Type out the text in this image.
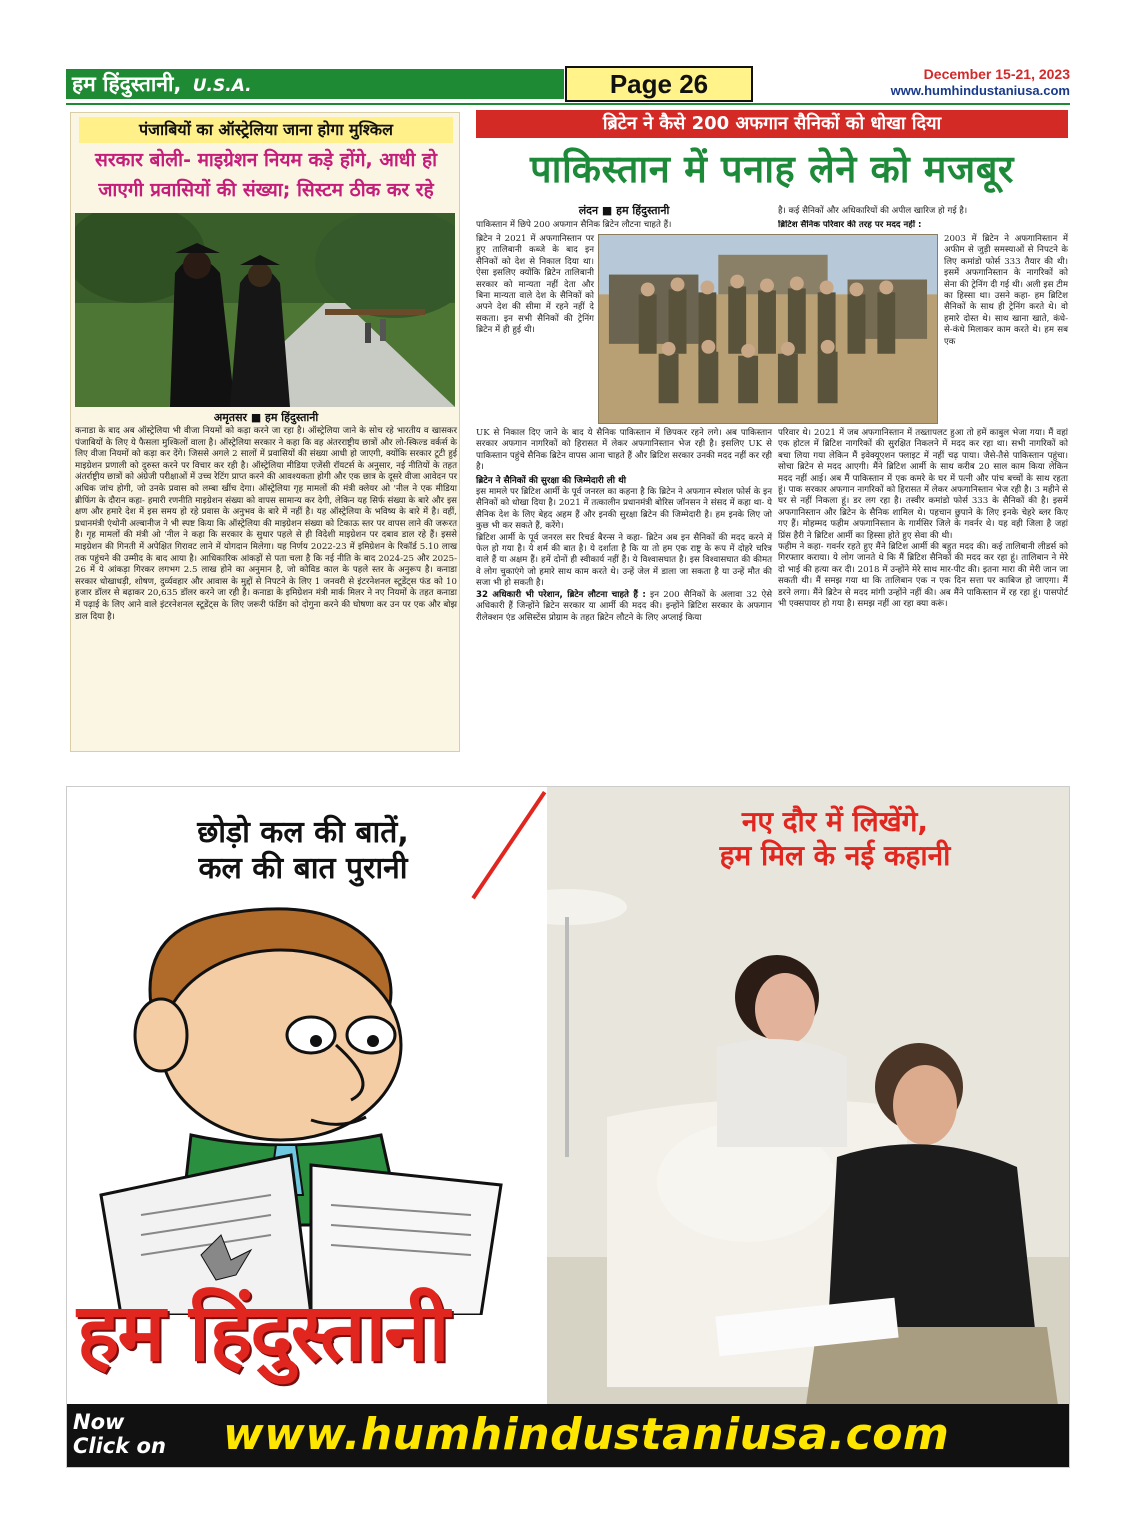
हम हिंदुस्तानी, U.S.A.	Page 26	December 15-21, 2023
www.humhindustaniusa.com
पंजाबियों का ऑस्ट्रेलिया जाना होगा मुश्किल
सरकार बोली- माइग्रेशन नियम कड़े होंगे, आधी हो
जाएगी प्रवासियों की संख्या; सिस्टम ठीक कर रहे
अमृतसर ■ हम हिंदुस्तानी
कनाडा के बाद अब ऑस्ट्रेलिया भी वीजा नियमों को कड़ा करने जा रहा है। ऑस्ट्रेलिया जाने के सोच रहे भारतीय व खासकर पंजाबियों के लिए ये फैसला मुश्किलों वाला है। ऑस्ट्रेलिया सरकार ने कहा कि वह अंतरराष्ट्रीय छात्रों और लो-स्किल्ड वर्कर्स के लिए वीजा नियमों को कड़ा कर देंगे। जिससे अगले 2 सालों में प्रवासियों की संख्या आधी हो जाएगी, क्योंकि सरकार टूटी हुई माइग्रेशन प्रणाली को दुरुस्त करने पर विचार कर रही है। ऑस्ट्रेलिया मीडिया एजेंसी रॉयटर्स के अनुसार, नई नीतियों के तहत अंतर्राष्ट्रीय छात्रों को अंग्रेजी परीक्षाओं में उच्च रेटिंग प्राप्त करने की आवश्यकता होगी और एक छात्र के दूसरे वीजा आवेदन पर अधिक जांच होगी, जो उनके प्रवास को लम्बा खींच देगा। ऑस्ट्रेलिया गृह मामलों की मंत्री क्लेयर ओ 'नील ने एक मीडिया ब्रीफिंग के दौरान कहा- हमारी रणनीति माइग्रेशन संख्या को वापस सामान्य कर देगी, लेकिन यह सिर्फ संख्या के बारे और इस क्षण और हमारे देश में इस समय हो रहे प्रवास के अनुभव के बारे में नहीं है। यह ऑस्ट्रेलिया के भविष्य के बारे में है। वहीं, प्रधानमंत्री एंथोनी अल्बानीज ने भी स्पष्ट किया कि ऑस्ट्रेलिया की माइग्रेशन संख्या को टिकाऊ स्तर पर वापस लाने की जरूरत है। गृह मामलों की मंत्री ओ 'नील ने कहा कि सरकार के सुधार पहले से ही विदेशी माइग्रेशन पर दबाव डाल रहे हैं। इससे माइग्रेशन की गिनती में अपेक्षित गिरावट लाने में योगदान मिलेगा। यह निर्णय 2022-23 में इमिग्रेशन के रिकॉर्ड 5.10 लाख तक पहुंचने की उम्मीद के बाद आया है। आधिकारिक आंकड़ों से पता चला है कि नई नीति के बाद 2024-25 और 2025-26 में ये आंकड़ा गिरकर लगभग 2.5 लाख होने का अनुमान है, जो कोविड काल के पहले स्तर के अनुरूप है। कनाडा सरकार धोखाधड़ी, शोषण, दुर्व्यवहार और आवास के मुद्दों से निपटने के लिए 1 जनवरी से इंटरनेशनल स्टूडेंट्स फंड को 10 हजार डॉलर से बढ़ाकर 20,635 डॉलर करने जा रही है। कनाडा के इमिग्रेशन मंत्री मार्क मिलर ने नए नियमों के तहत कनाडा में पढ़ाई के लिए आने वाले इंटरनेशनल स्टूडेंट्स के लिए जरूरी फंडिंग को दोगुना करने की घोषणा कर उन पर एक और बोझ डाल दिया है।
ब्रिटेन ने कैसे 200 अफगान सैनिकों को धोखा दिया
पाकिस्तान में पनाह लेने को मजबूर
लंदन ■ हम हिंदुस्तानी

पाकिस्तान में छिपे 200 अफगान सैनिक ब्रिटेन लौटना चाहते हैं।

ब्रिटेन ने 2021 में अफगानिस्तान पर हुए तालिबानी कब्जे के बाद इन सैनिकों को देश से निकाल दिया था। ऐसा इसलिए क्योंकि ब्रिटेन तालिबानी सरकार को मान्यता नहीं देता और बिना मान्यता वाले देश के सैनिकों को अपने देश की सीमा में रहने नहीं दे सकता। इन सभी सैनिकों की ट्रेनिंग ब्रिटेन में ही हुई थी।

UK से निकाल दिए जाने के बाद ये सैनिक पाकिस्तान में छिपकर रहने लगे। अब पाकिस्तान सरकार अफगान नागरिकों को हिरासत में लेकर अफगानिस्तान भेज रही है। इसलिए UK से पाकिस्तान पहुंचे सैनिक ब्रिटेन वापस आना चाहते हैं और ब्रिटिश सरकार उनकी मदद नहीं कर रही है।

ब्रिटेन ने सैनिकों की सुरक्षा की जिम्मेदारी ली थी

इस मामले पर ब्रिटिश आर्मी के पूर्व जनरल का कहना है कि ब्रिटेन ने अफगान स्पेशल फोर्स के इन सैनिकों को धोखा दिया है। 2021 में तत्कालीन प्रधानमंत्री बोरिस जॉनसन ने संसद में कहा था- ये सैनिक देश के लिए बेहद अहम हैं और इनकी सुरक्षा ब्रिटेन की जिम्मेदारी है। हम इनके लिए जो कुछ भी कर सकते हैं, करेंगे।

ब्रिटिश आर्मी के पूर्व जनरल सर रिचर्ड बैरन्स ने कहा- ब्रिटेन अब इन सैनिकों की मदद करने में फेल हो गया है। ये शर्म की बात है। ये दर्शाता है कि या तो हम एक राष्ट्र के रूप में दोहरे चरित्र वाले हैं या अक्षम हैं। हमें दोनों ही स्वीकार्य नहीं हैं। ये विश्वासघात है। इस विश्वासघात की कीमत वे लोग चुकाएंगे जो हमारे साथ काम करते थे। उन्हें जेल में डाला जा सकता है या उन्हें मौत की सजा भी हो सकती है।

32 अधिकारी भी परेशान, ब्रिटेन लौटना चाहते हैं : इन 200 सैनिकों के अलावा 32 ऐसे अधिकारी हैं जिन्होंने ब्रिटेन सरकार या आर्मी की मदद की। इन्होंने ब्रिटिश सरकार के अफगान रीलेक्शन एंड असिस्टेंस प्रोग्राम के तहत ब्रिटेन लौटने के लिए अप्लाई किया

है। कई सैनिकों और अधिकारियों की अपील खारिज हो गई है।

ब्रिटिश सैनिक परिवार की तरह पर मदद नहीं :

2003 में ब्रिटेन ने अफगानिस्तान में अफीम से जुड़ी समस्याओं से निपटने के लिए कमांडो फोर्स 333 तैयार की थी। इसमें अफगानिस्तान के नागरिकों को सेना की ट्रेनिंग दी गई थी। अली इस टीम का हिस्सा था। उसने कहा- हम ब्रिटिश सैनिकों के साथ ही ट्रेनिंग करते थे। वो हमारे दोस्त थे। साथ खाना खाते, कंधे-से-कंधे मिलाकर काम करते थे। हम सब एक

परिवार थे। 2021 में जब अफगानिस्तान में तख्तापलट हुआ तो हमें काबुल भेजा गया। मैं वहां एक होटल में ब्रिटिश नागरिकों की सुरक्षित निकलने में मदद कर रहा था। सभी नागरिकों को बचा लिया गया लेकिन मैं इवेक्यूएशन फ्लाइट में नहीं चढ़ पाया। जैसे-तैसे पाकिस्तान पहुंचा। सोचा ब्रिटेन से मदद आएगी। मैंने ब्रिटिश आर्मी के साथ करीब 20 साल काम किया लेकिन मदद नहीं आई। अब मैं पाकिस्तान में एक कमरे के घर में पत्नी और पांच बच्चों के साथ रहता हूं। पाक सरकार अफगान नागरिकों को हिरासत में लेकर अफगानिस्तान भेज रही है। 3 महीने से घर से नहीं निकला हूं। डर लग रहा है। तस्वीर कमांडो फोर्स 333 के सैनिकों की है। इसमें अफगानिस्तान और ब्रिटेन के सैनिक शामिल थे। पहचान छुपाने के लिए इनके चेहरे ब्लर किए गए हैं। मोहम्मद फहीम अफगानिस्तान के गार्मसिर जिले के गवर्नर थे। यह वही जिला है जहां प्रिंस हैरी ने ब्रिटिश आर्मी का हिस्सा होते हुए सेवा की थी।

फहीम ने कहा- गवर्नर रहते हुए मैंने ब्रिटिश आर्मी की बहुत मदद की। कई तालिबानी लीडर्स को गिरफ्तार कराया। ये लोग जानते थे कि मैं ब्रिटिश सैनिकों की मदद कर रहा हूं। तालिबान ने मेरे दो भाई की हत्या कर दी। 2018 में उन्होंने मेरे साथ मार-पीट की। इतना मारा की मेरी जान जा सकती थी। मैं समझ गया था कि तालिबान एक न एक दिन सत्ता पर काबिज हो जाएगा। मैं डरने लगा। मैंने ब्रिटेन से मदद मांगी उन्होंने नहीं की। अब मैंने पाकिस्तान में रह रहा हूं। पासपोर्ट भी एक्सपायर हो गया है। समझ नहीं आ रहा क्या करूं।

छोड़ो कल की बातें,
कल की बात पुरानी
नए दौर में लिखेंगे,
हम मिल के नई कहानी
हम हिंदुस्तानी
Now
Click on www.humhindustaniusa.com
